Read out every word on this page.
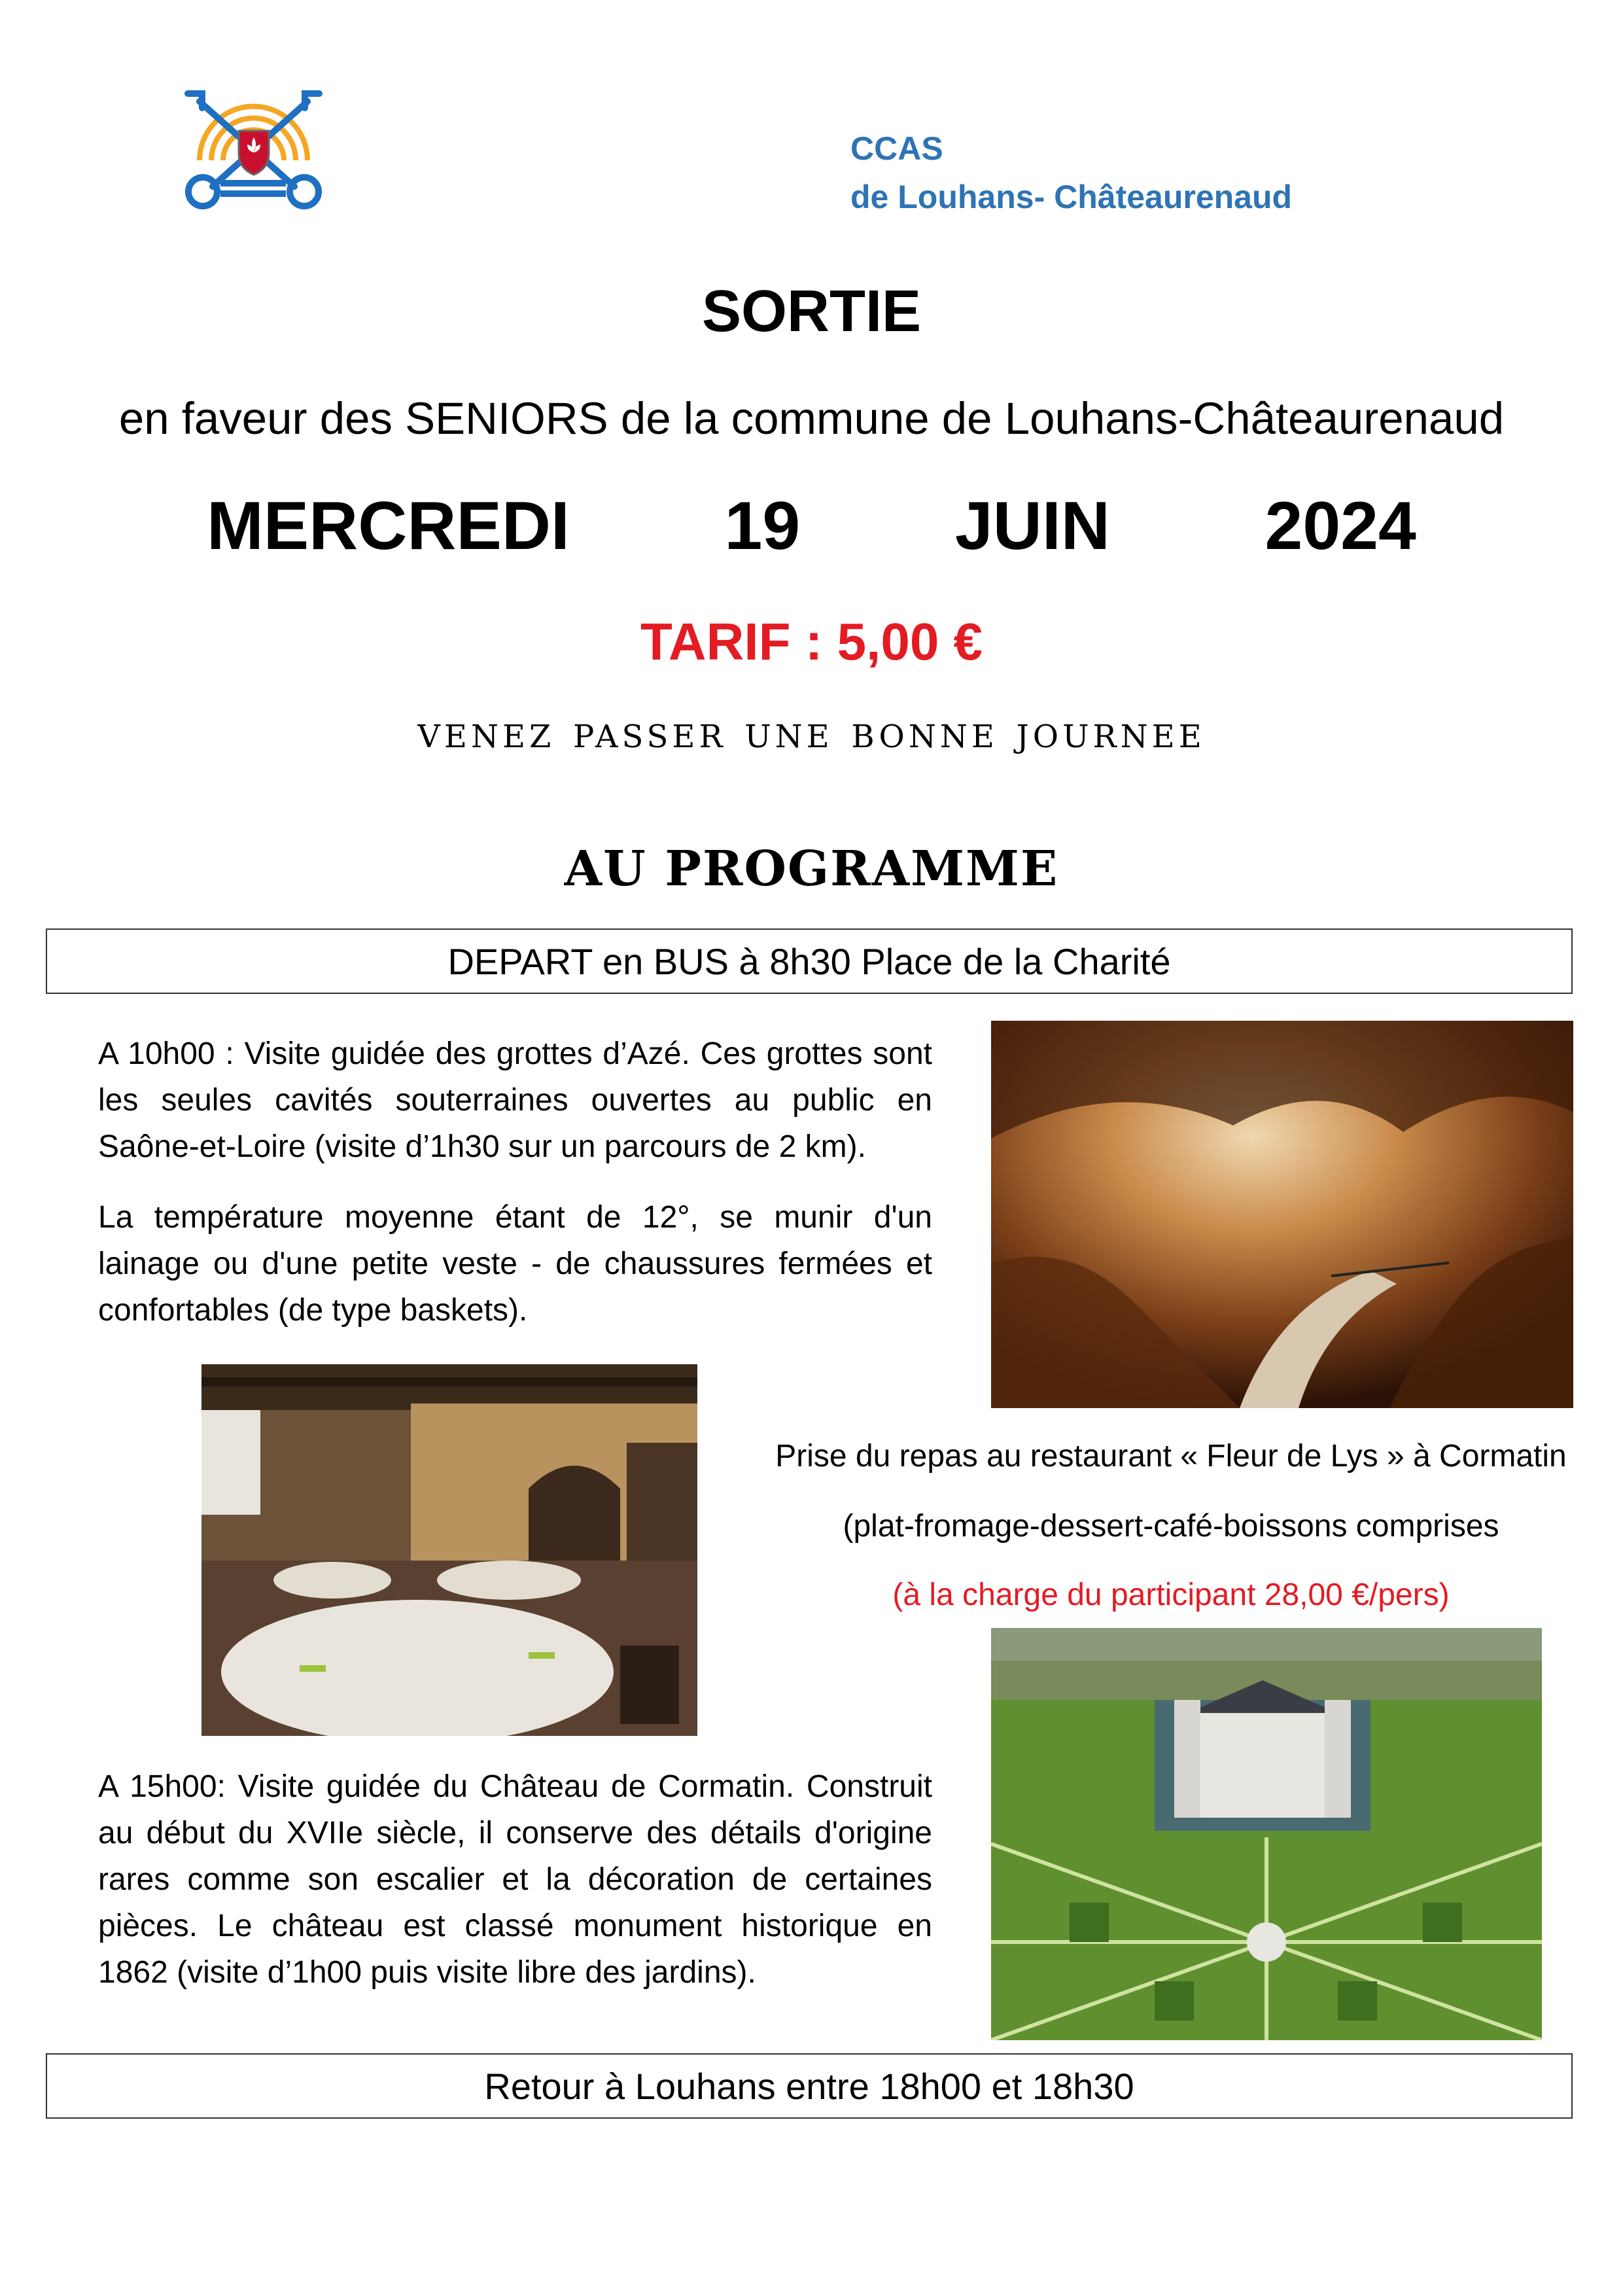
CCAS
de Louhans- Châteaurenaud
SORTIE
en faveur des SENIORS de la commune de Louhans-Châteaurenaud
MERCREDI   19   JUIN   2024
TARIF : 5,00 €
venez passer une bonne journee
AU PROGRAMME
DEPART en BUS à 8h30 Place de la Charité
A 10h00 : Visite guidée des grottes d’Azé. Ces grottes sont les seules cavités souterraines ouvertes au public en Saône-et-Loire (visite d’1h30 sur un parcours de 2 km).
La température moyenne étant de 12°, se munir d'un lainage ou d'une petite veste - de chaussures fermées et confortables (de type baskets).
Prise du repas au restaurant « Fleur de Lys » à Cormatin
(plat-fromage-dessert-café-boissons comprises
(à la charge du participant 28,00 €/pers)
A 15h00: Visite guidée du Château de Cormatin. Construit au début du XVIIe siècle, il conserve des détails d'origine rares comme son escalier et la décoration de certaines pièces. Le château est classé monument historique en 1862 (visite d’1h00 puis visite libre des jardins).
Retour à Louhans entre 18h00 et 18h30
